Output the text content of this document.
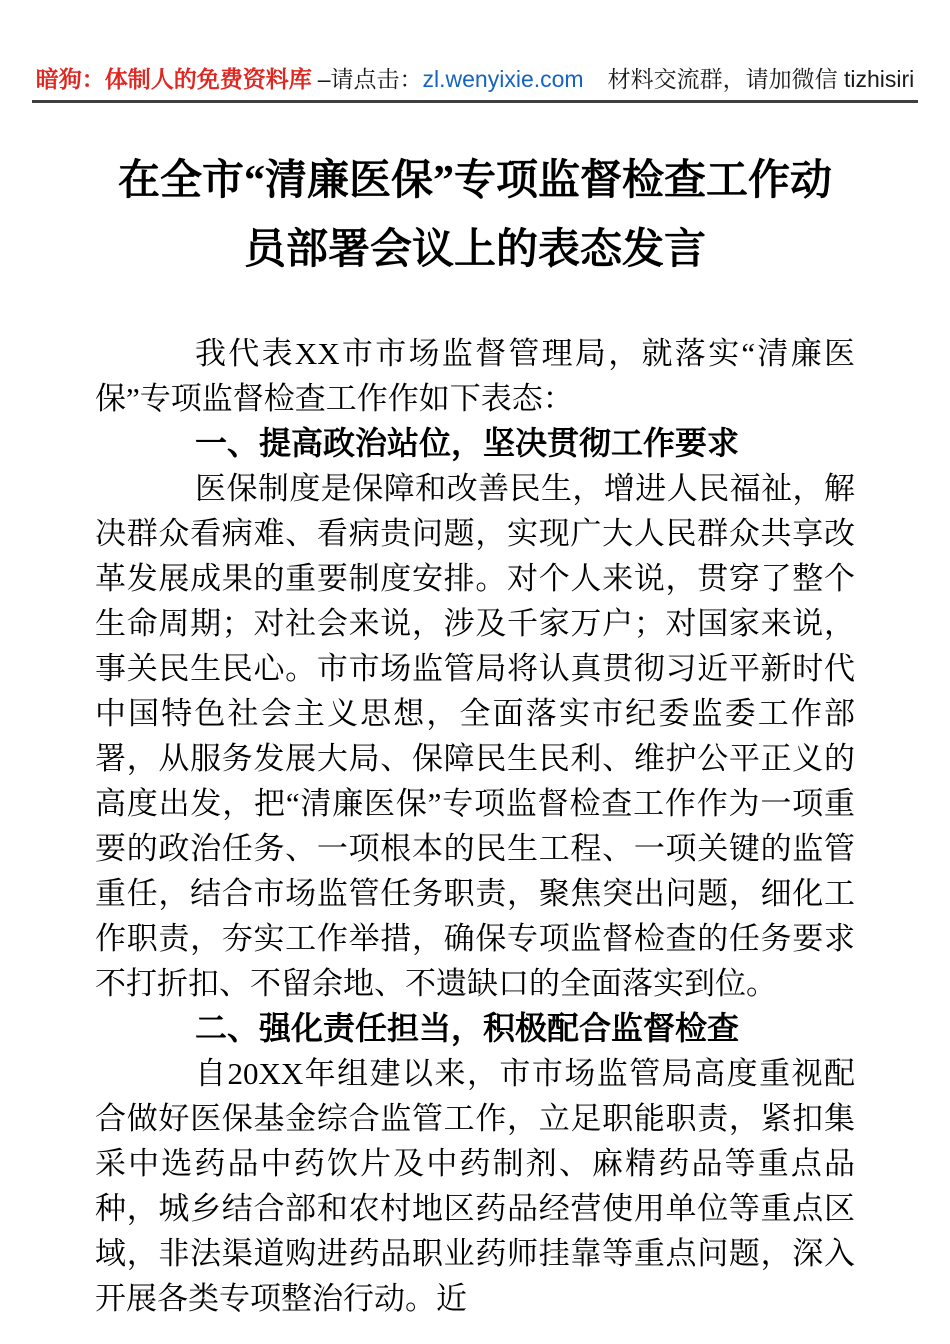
暗狗：体制人的免费资料库 –请点击：zl.wenyixie.com 材料交流群，请加微信 tizhisiri
在全市“清廉医保”专项监督检查工作动
员部署会议上的表态发言

我代表XX市市场监督管理局，就落实“清廉医保”专项监督检查工作作如下表态：

一、提高政治站位，坚决贯彻工作要求

医保制度是保障和改善民生，增进人民福祉，解决群众看病难、看病贵问题，实现广大人民群众共享改革发展成果的重要制度安排。对个人来说，贯穿了整个生命周期；对社会来说，涉及千家万户；对国家来说，事关民生民心。市市场监管局将认真贯彻习近平新时代中国特色社会主义思想，全面落实市纪委监委工作部署，从服务发展大局、保障民生民利、维护公平正义的高度出发，把“清廉医保”专项监督检查工作作为一项重要的政治任务、一项根本的民生工程、一项关键的监管重任，结合市场监管任务职责，聚焦突出问题，细化工作职责，夯实工作举措，确保专项监督检查的任务要求不打折扣、不留余地、不遗缺口的全面落实到位。

二、强化责任担当，积极配合监督检查

自20XX年组建以来，市市场监管局高度重视配合做好医保基金综合监管工作，立足职能职责，紧扣集采中选药品中药饮片及中药制剂、麻精药品等重点品种，城乡结合部和农村地区药品经营使用单位等重点区域，非法渠道购进药品职业药师挂靠等重点问题，深入开展各类专项整治行动。近
